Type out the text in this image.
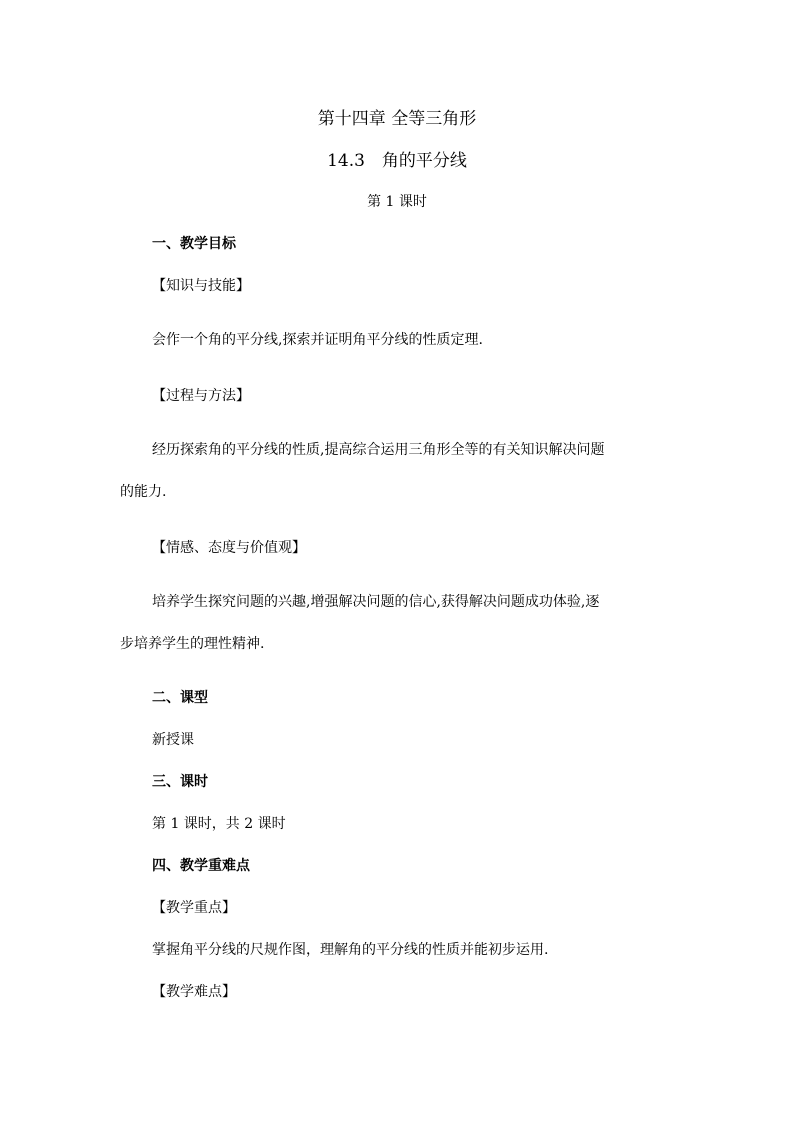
第十四章 全等三角形
14.3　角的平分线
第 1 课时
一、教学目标
【知识与技能】
会作一个角的平分线,探索并证明角平分线的性质定理.
【过程与方法】
经历探索角的平分线的性质,提高综合运用三角形全等的有关知识解决问题
的能力.
【情感、态度与价值观】
培养学生探究问题的兴趣,增强解决问题的信心,获得解决问题成功体验,逐
步培养学生的理性精神.
二、课型
新授课
三、课时
第 1 课时，共 2 课时
四、教学重难点
【教学重点】
掌握角平分线的尺规作图，理解角的平分线的性质并能初步运用.
【教学难点】
